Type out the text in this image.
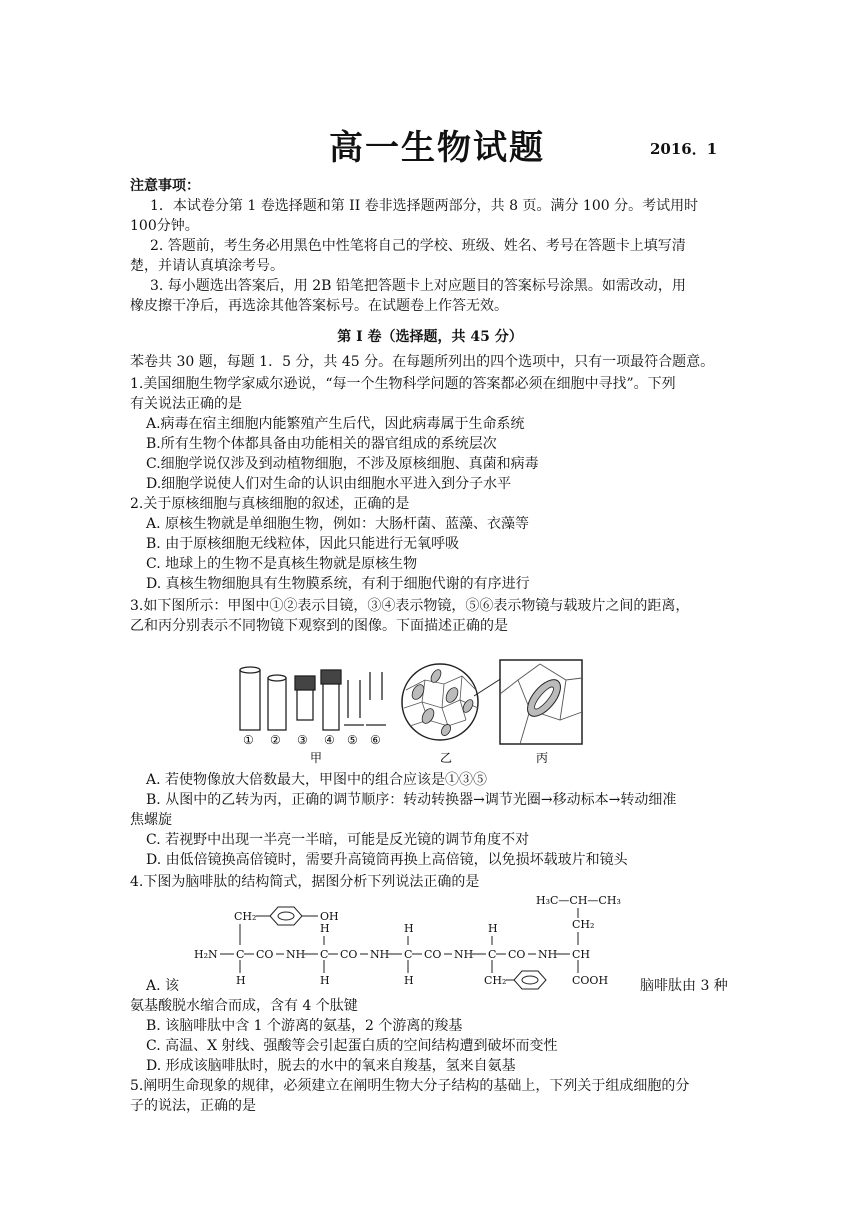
高一生物试题	2016．1
注意事项：
1．本试卷分第 1 卷选择题和第 II 卷非选择题两部分，共 8 页。满分 100 分。考试用时
100分钟。
2. 答题前，考生务必用黑色中性笔将自己的学校、班级、姓名、考号在答题卡上填写清
楚，并请认真填涂考号。
3. 每小题选出答案后，用 2B 铅笔把答题卡上对应题目的答案标号涂黑。如需改动，用
橡皮擦干净后，再选涂其他答案标号。在试题卷上作答无效。
第 I 卷（选择题，共 45 分）
苯卷共 30 题，每题 1．5 分，共 45 分。在每题所列出的四个选项中，只有一项最符合题意。
1.美国细胞生物学家威尔逊说，“每一个生物科学问题的答案都必须在细胞中寻找”。下列
有关说法正确的是
A.病毒在宿主细胞内能繁殖产生后代，因此病毒属于生命系统
B.所有生物个体都具备由功能相关的器官组成的系统层次
C.细胞学说仅涉及到动植物细胞，不涉及原核细胞、真菌和病毒
D.细胞学说使人们对生命的认识由细胞水平进入到分子水平
2.关于原核细胞与真核细胞的叙述，正确的是
A. 原核生物就是单细胞生物，例如：大肠杆菌、蓝藻、衣藻等
B. 由于原核细胞无线粒体，因此只能进行无氧呼吸
C. 地球上的生物不是真核生物就是原核生物
D. 真核生物细胞具有生物膜系统，有利于细胞代谢的有序进行
3.如下图所示：甲图中①②表示目镜，③④表示物镜，⑤⑥表示物镜与载玻片之间的距离，
乙和丙分别表示不同物镜下观察到的图像。下面描述正确的是
① ② ③ ④ ⑤ ⑥
甲	乙	丙
A. 若使物像放大倍数最大，甲图中的组合应该是①③⑤
B. 从图中的乙转为丙，正确的调节顺序：转动转换器→调节光圈→移动标本→转动细准
焦螺旋
C. 若视野中出现一半亮一半暗，可能是反光镜的调节角度不对
D. 由低倍镜换高倍镜时，需要升高镜筒再换上高倍镜，以免损坏载玻片和镜头
4.下图为脑啡肽的结构简式，据图分析下列说法正确的是
H₃C—CH—CH₃
CH₂	OH
CH₂
H	H	H
H₂N C CO NH C CO NH C CO NH C CO NH CH
H	H	H	CH₂	COOH
A. 该	脑啡肽由 3 种
氨基酸脱水缩合而成，含有 4 个肽键
B. 该脑啡肽中含 1 个游离的氨基，2 个游离的羧基
C. 高温、X 射线、强酸等会引起蛋白质的空间结构遭到破坏而变性
D. 形成该脑啡肽时，脱去的水中的氧来自羧基，氢来自氨基
5.阐明生命现象的规律，必须建立在阐明生物大分子结构的基础上，下列关于组成细胞的分
子的说法，正确的是
